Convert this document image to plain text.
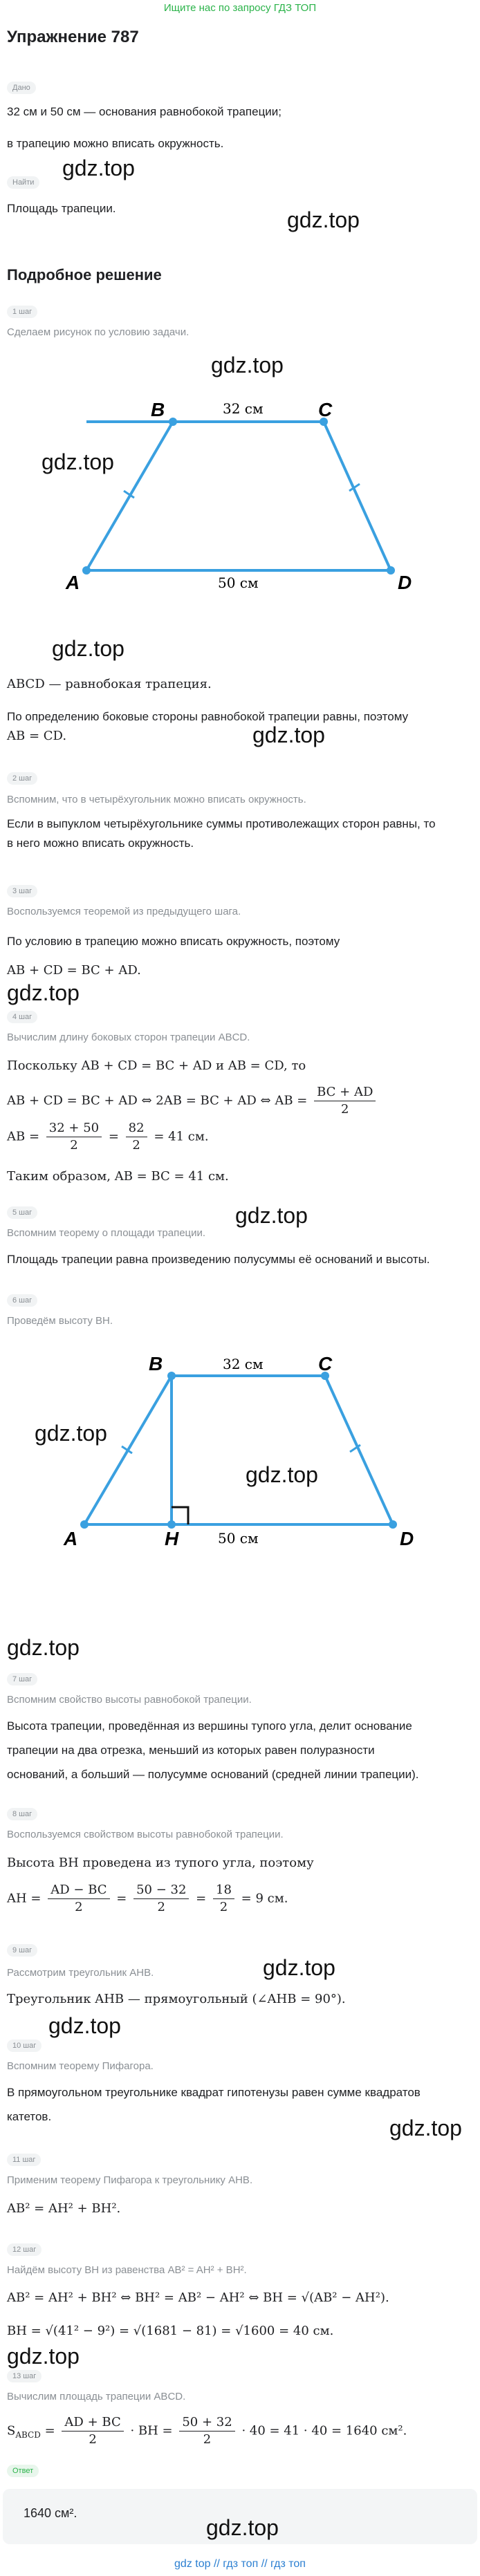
Ищите нас по запросу ГДЗ ТОП
Упражнение 787
Дано
32 см и 50 см — основания равнобокой трапеции;
в трапецию можно вписать окружность.
Найти
Площадь трапеции.
gdz.top
gdz.top
Подробное решение
1 шаг
Сделаем рисунок по условию задачи.
gdz.top
gdz.top
B	C
A	D
32 см
50 см
gdz.top
ABCD — равнобокая трапеция.
По определению боковые стороны равнобокой трапеции равны, поэтому
AB = CD.	gdz.top
2 шаг
Вспомним, что в четырёхугольник можно вписать окружность.
Если в выпуклом четырёхугольнике суммы противолежащих сторон равны, то
в него можно вписать окружность.
3 шаг
Воспользуемся теоремой из предыдущего шага.
По условию в трапецию можно вписать окружность, поэтому
AB + CD = BC + AD.
gdz.top
4 шаг
Вычислим длину боковых сторон трапеции ABCD.
Поскольку AB + CD = BC + AD и AB = CD, то
AB + CD = BC + AD ⇔ 2AB = BC + AD ⇔ AB = $\frac{BC + AD}{2}$
AB = $\frac{32 + 50}{2} = \frac{82}{2} = 41$ см.
Таким образом, AB = BC = 41 см.
gdz.top
5 шаг
Вспомним теорему о площади трапеции.
Площадь трапеции равна произведению полусуммы её оснований и высоты.
6 шаг
Проведём высоту BH.
B	C
A	H	D
32 см
50 см
gdz.top
gdz.top
gdz.top
7 шаг
Вспомним свойство высоты равнобокой трапеции.
Высота трапеции, проведённая из вершины тупого угла, делит основание
трапеции на два отрезка, меньший из которых равен полуразности
оснований, а больший — полусумме оснований (средней линии трапеции).
8 шаг
Воспользуемся свойством высоты равнобокой трапеции.
Высота BH проведена из тупого угла, поэтому
AH = $\frac{AD - BC}{2} = \frac{50 - 32}{2} = \frac{18}{2} = 9$ см.
9 шаг
Рассмотрим треугольник AHB.	gdz.top
Треугольник AHB — прямоугольный (∠AHB = 90°).
gdz.top
10 шаг
Вспомним теорему Пифагора.
В прямоугольном треугольнике квадрат гипотенузы равен сумме квадратов
катетов.	gdz.top
11 шаг
Применим теорему Пифагора к треугольнику AHB.
AB² = AH² + BH².
12 шаг
Найдём высоту BH из равенства AB² = AH² + BH².
AB² = AH² + BH² ⇔ BH² = AB² − AH² ⇔ BH = √(AB² − AH²).
BH = √(41² − 9²) = √(1681 − 81) = √1600 = 40 см.
gdz.top
13 шаг
Вычислим площадь трапеции ABCD.
$S_{ABCD} = \frac{AD + BC}{2}$ · BH = $\frac{50 + 32}{2} \cdot 40 = 41 \cdot 40 = 1640$ см².
Ответ
1640 см².
gdz.top
gdz top // гдз топ // гдз топ
